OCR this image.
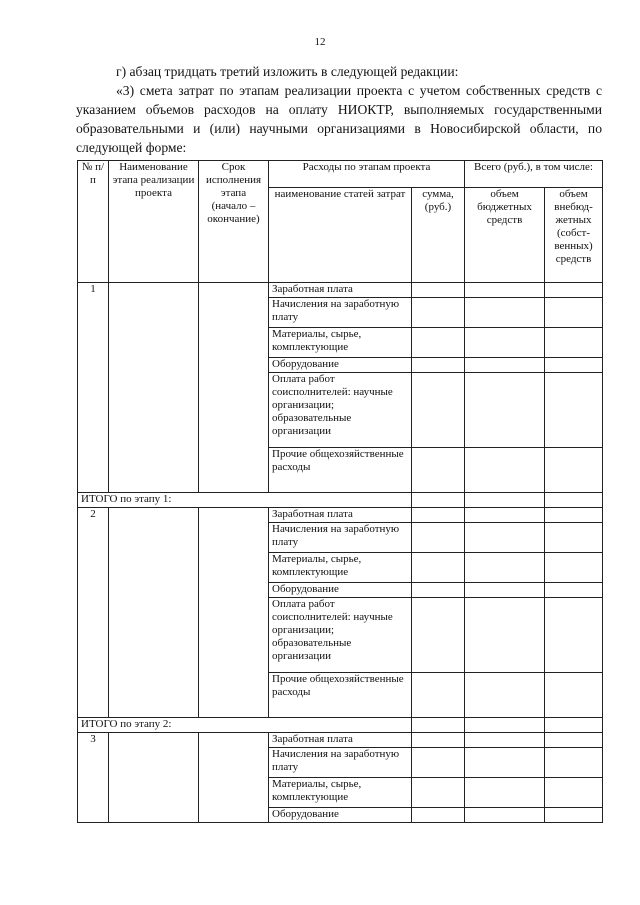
12
г) абзац тридцать третий изложить в следующей редакции:
«3) смета затрат по этапам реализации проекта с учетом собственных средств с указанием объемов расходов на оплату НИОКТР, выполняемых государственными образовательными и (или) научными организациями в Новосибирской области, по следующей форме:
№ п/п	Наименование этапа реализации проекта	Срок исполнения этапа (начало – окончание)	Расходы по этапам проекта		Всего (руб.), в том числе:	
			наименование статей затрат	сумма, (руб.)	объем бюджетных средств	объем внебюд-жетных (собст-венных) средств
1			Заработная плата			
			Начисления на заработную плату			
			Материалы, сырье, комплектующие			
			Оборудование			
			Оплата работ соисполнителей: научные организации; образовательные организации			
			Прочие общехозяйственные расходы			
ИТОГО по этапу 1:						
2			Заработная плата			
			Начисления на заработную плату			
			Материалы, сырье, комплектующие			
			Оборудование			
			Оплата работ соисполнителей: научные организации; образовательные организации			
			Прочие общехозяйственные расходы			
ИТОГО по этапу 2:						
3			Заработная плата			
			Начисления на заработную плату			
			Материалы, сырье, комплектующие			
			Оборудование			
